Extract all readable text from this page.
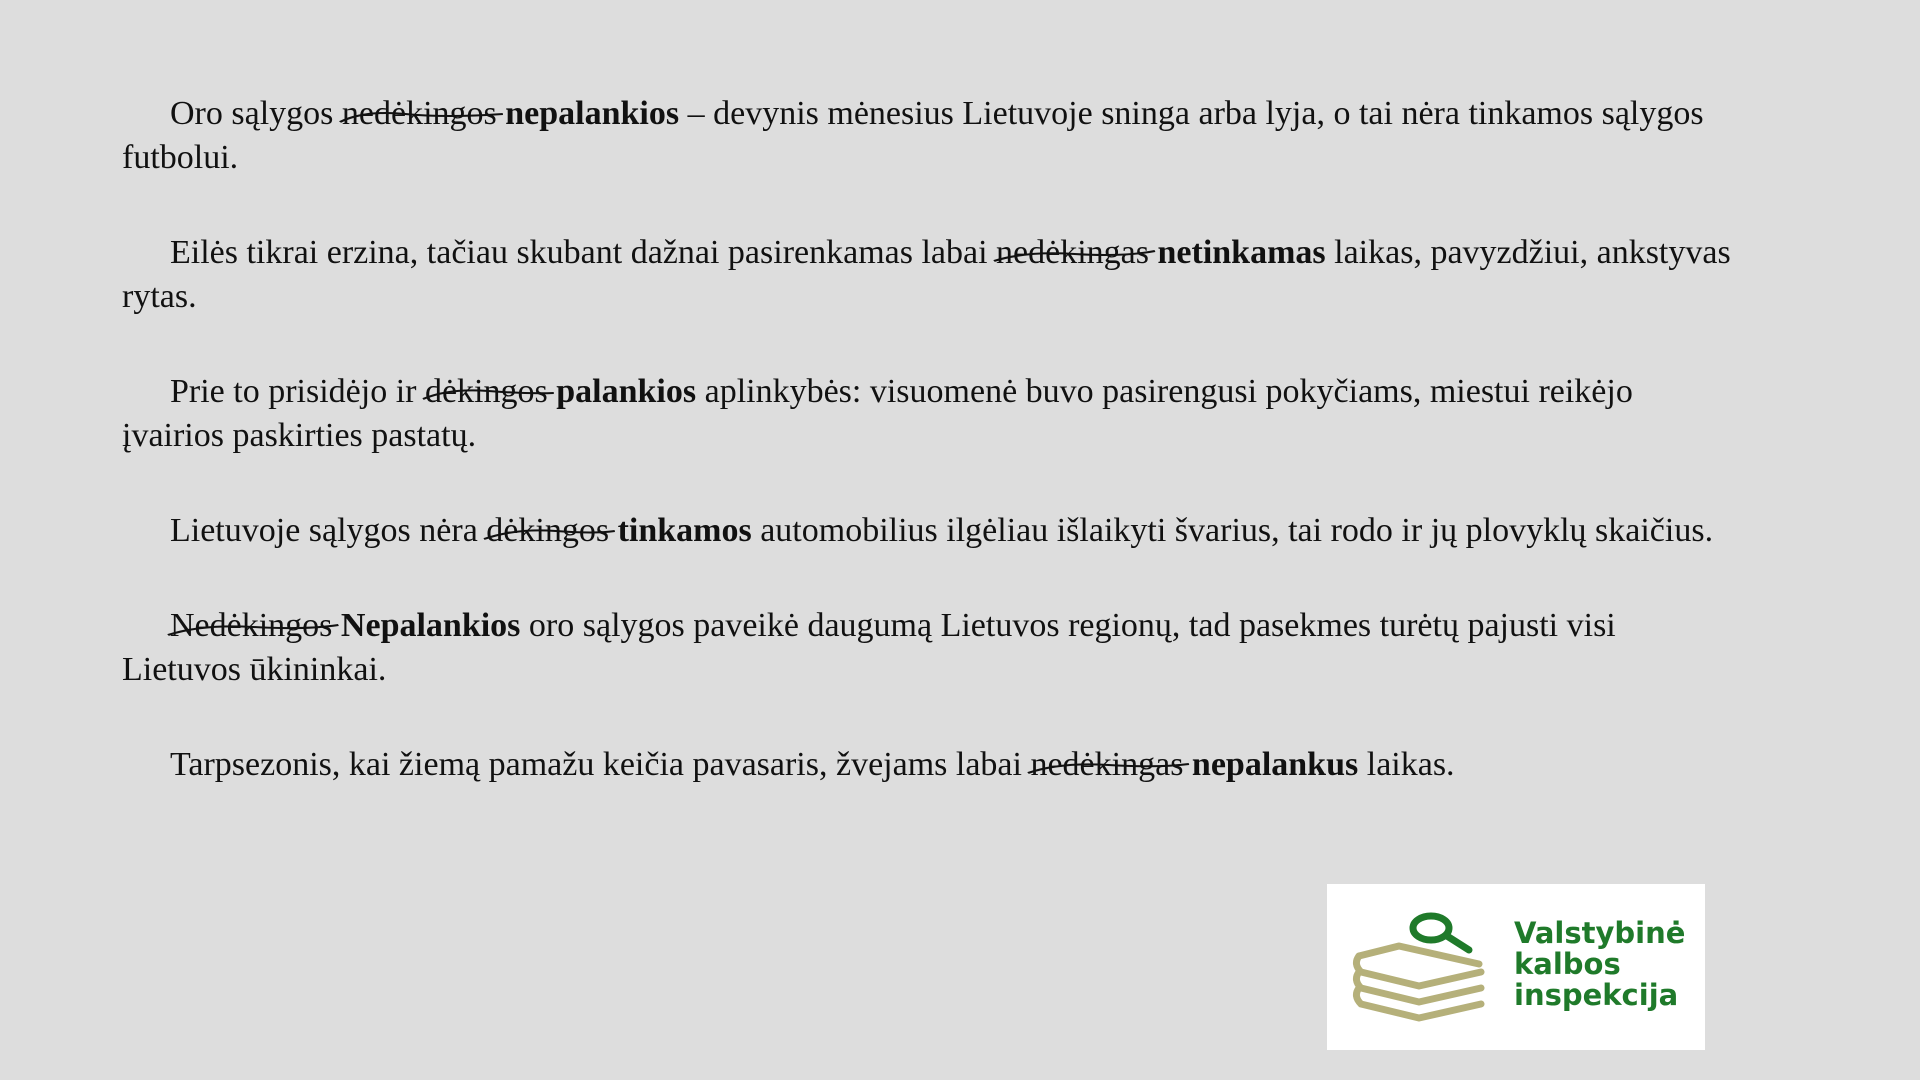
Oro sąlygos nedėkingos nepalankios – devynis mėnesius Lietuvoje sninga arba lyja, o tai nėra tinkamos sąlygos futbolui.

Eilės tikrai erzina, tačiau skubant dažnai pasirenkamas labai nedėkingas netinkamas laikas, pavyzdžiui, ankstyvas rytas.

Prie to prisidėjo ir dėkingos palankios aplinkybės: visuomenė buvo pasirengusi pokyčiams, miestui reikėjo įvairios paskirties pastatų.

Lietuvoje sąlygos nėra dėkingos tinkamos automobilius ilgėliau išlaikyti švarius, tai rodo ir jų plovyklų skaičius.

Nedėkingos Nepalankios oro sąlygos paveikė daugumą Lietuvos regionų, tad pasekmes turėtų pajusti visi Lietuvos ūkininkai.

Tarpsezonis, kai žiemą pamažu keičia pavasaris, žvejams labai nedėkingas nepalankus laikas.

Valstybinė
kalbos
inspekcija
